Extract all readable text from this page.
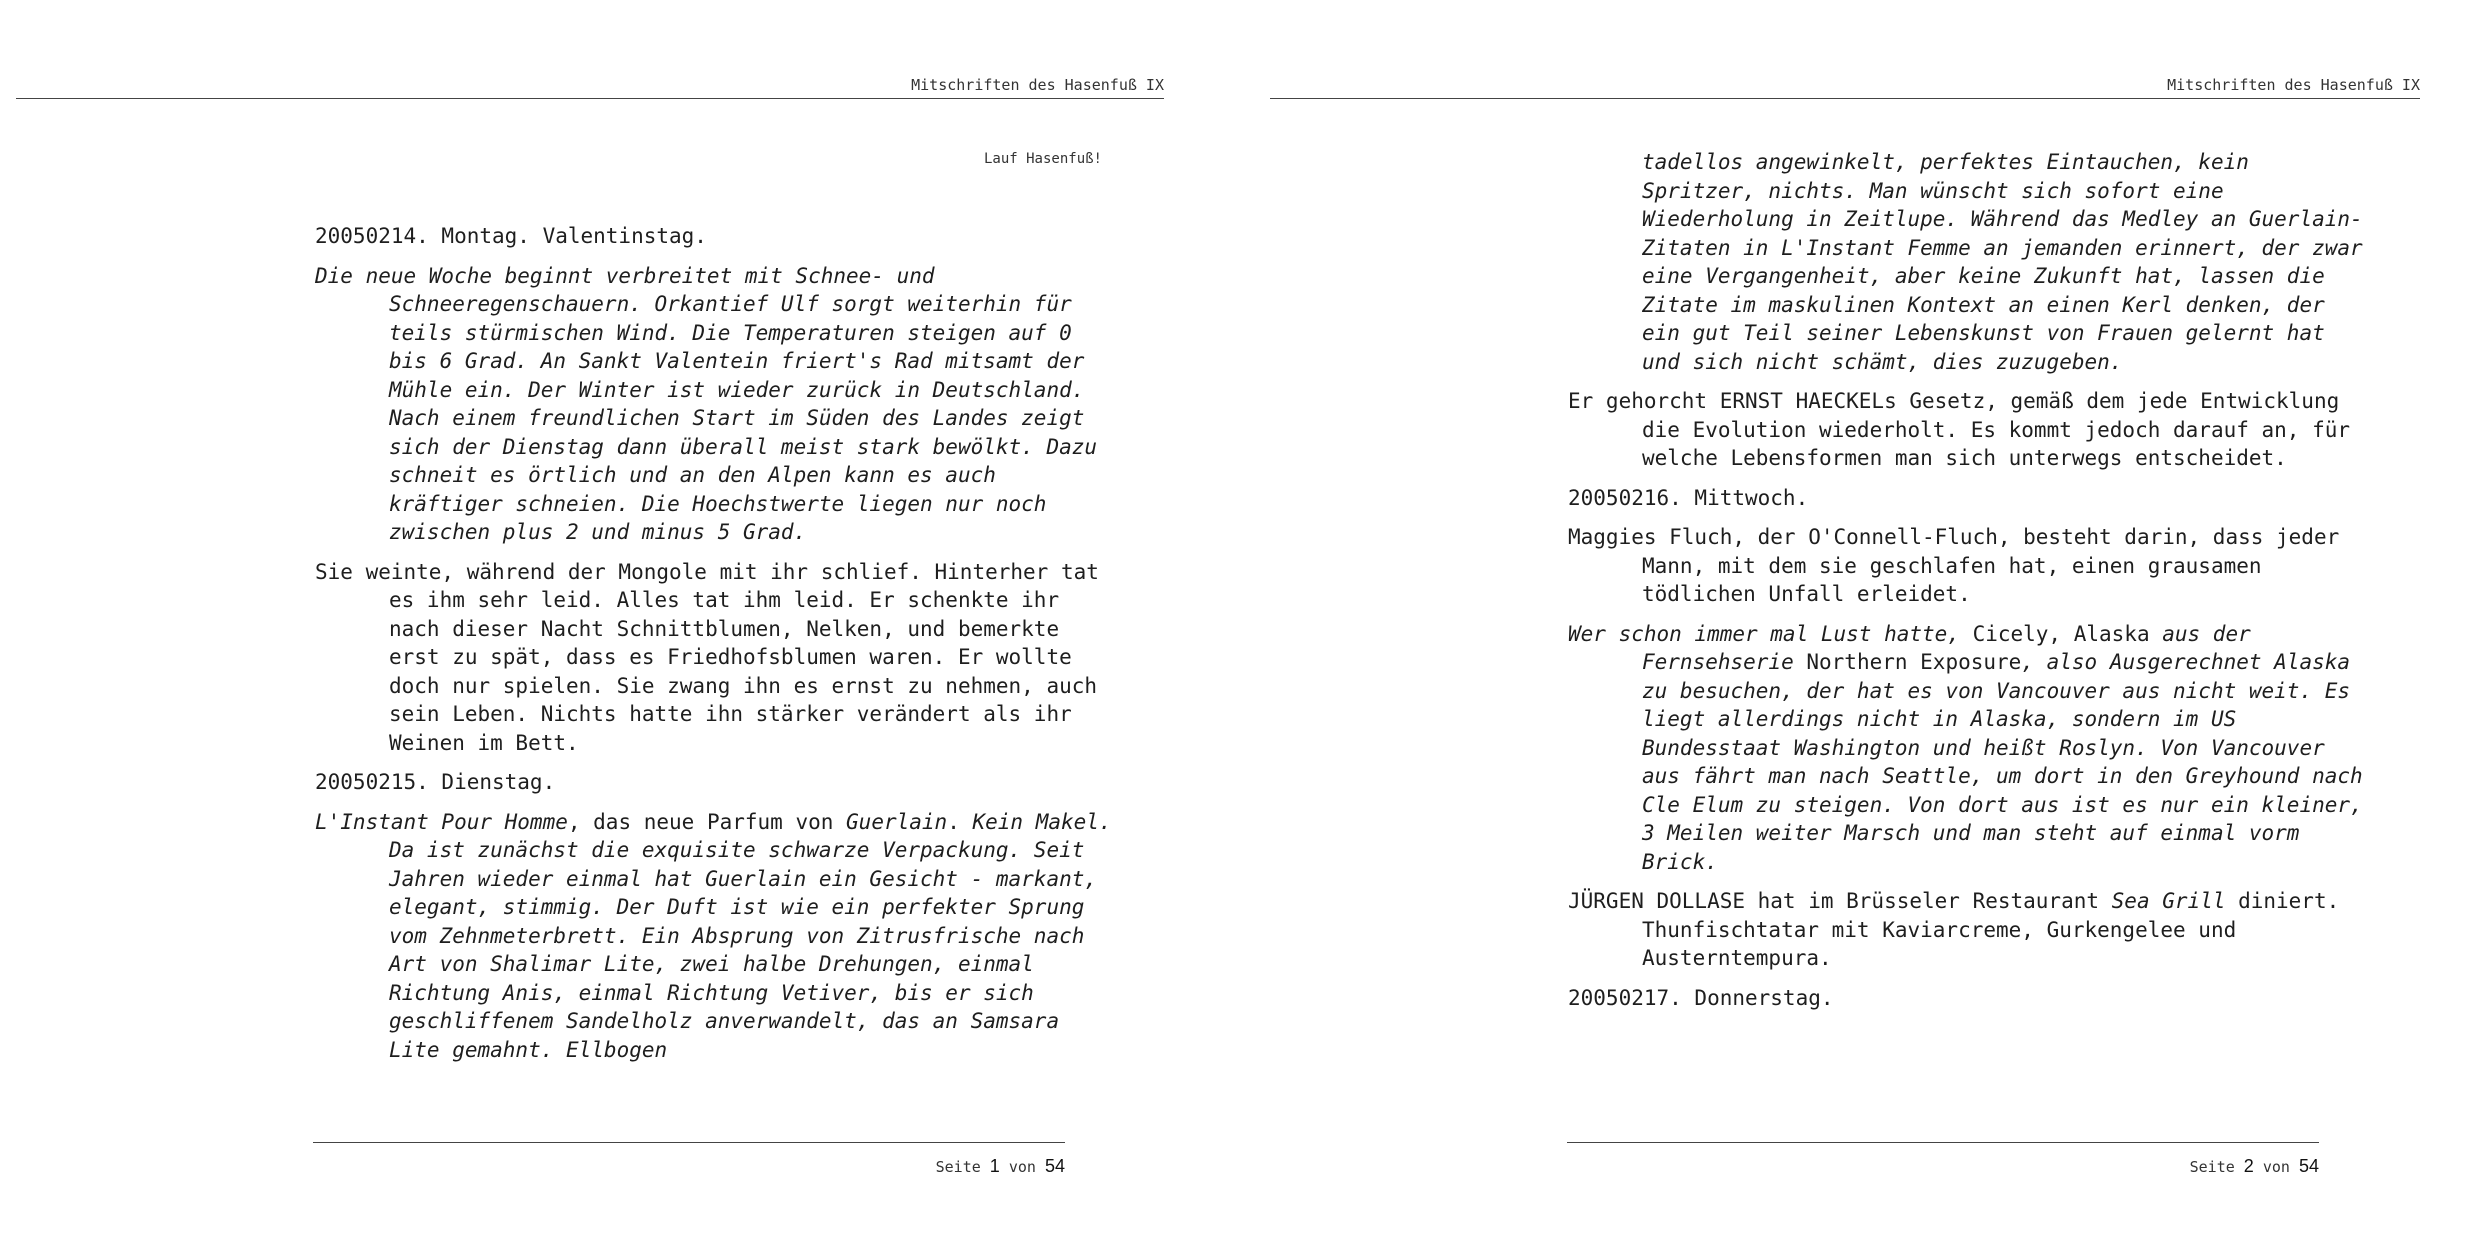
Mitschriften des Hasenfuß IX
Lauf Hasenfuß!
20050214. Montag. Valentinstag.

Die neue Woche beginnt verbreitet mit Schnee- und Schneeregenschauern. Orkantief Ulf sorgt weiterhin für teils stürmischen Wind. Die Temperaturen steigen auf 0 bis 6 Grad. An Sankt Valentein friert's Rad mitsamt der Mühle ein. Der Winter ist wieder zurück in Deutschland. Nach einem freundlichen Start im Süden des Landes zeigt sich der Dienstag dann überall meist stark bewölkt. Dazu schneit es örtlich und an den Alpen kann es auch kräftiger schneien. Die Hoechstwerte liegen nur noch zwischen plus 2 und minus 5 Grad.

Sie weinte, während der Mongole mit ihr schlief. Hinterher tat es ihm sehr leid. Alles tat ihm leid. Er schenkte ihr nach dieser Nacht Schnittblumen, Nelken, und bemerkte erst zu spät, dass es Friedhofsblumen waren. Er wollte doch nur spielen. Sie zwang ihn es ernst zu nehmen, auch sein Leben. Nichts hatte ihn stärker verändert als ihr Weinen im Bett.

20050215. Dienstag.

L'Instant Pour Homme, das neue Parfum von Guerlain. Kein Makel. Da ist zunächst die exquisite schwarze Verpackung. Seit Jahren wieder einmal hat Guerlain ein Gesicht - markant, elegant, stimmig. Der Duft ist wie ein perfekter Sprung vom Zehnmeterbrett. Ein Absprung von Zitrusfrische nach Art von Shalimar Lite, zwei halbe Drehungen, einmal Richtung Anis, einmal Richtung Vetiver, bis er sich geschliffenem Sandelholz anverwandelt, das an Samsara Lite gemahnt. Ellbogen

Seite 1 von 54
Mitschriften des Hasenfuß IX

tadellos angewinkelt, perfektes Eintauchen, kein Spritzer, nichts. Man wünscht sich sofort eine Wiederholung in Zeitlupe. Während das Medley an Guerlain-Zitaten in L'Instant Femme an jemanden erinnert, der zwar eine Vergangenheit, aber keine Zukunft hat, lassen die Zitate im maskulinen Kontext an einen Kerl denken, der ein gut Teil seiner Lebenskunst von Frauen gelernt hat und sich nicht schämt, dies zuzugeben.

Er gehorcht ERNST HAECKELs Gesetz, gemäß dem jede Entwicklung die Evolution wiederholt. Es kommt jedoch darauf an, für welche Lebensformen man sich unterwegs entscheidet.

20050216. Mittwoch.

Maggies Fluch, der O'Connell-Fluch, besteht darin, dass jeder Mann, mit dem sie geschlafen hat, einen grausamen tödlichen Unfall erleidet.

Wer schon immer mal Lust hatte, Cicely, Alaska aus der Fernsehserie Northern Exposure, also Ausgerechnet Alaska zu besuchen, der hat es von Vancouver aus nicht weit. Es liegt allerdings nicht in Alaska, sondern im US Bundesstaat Washington und heißt Roslyn. Von Vancouver aus fährt man nach Seattle, um dort in den Greyhound nach Cle Elum zu steigen. Von dort aus ist es nur ein kleiner, 3 Meilen weiter Marsch und man steht auf einmal vorm Brick.

JÜRGEN DOLLASE hat im Brüsseler Restaurant Sea Grill diniert. Thunfischtatar mit Kaviarcreme, Gurkengelee und Austerntempura.

20050217. Donnerstag.
Seite 2 von 54
